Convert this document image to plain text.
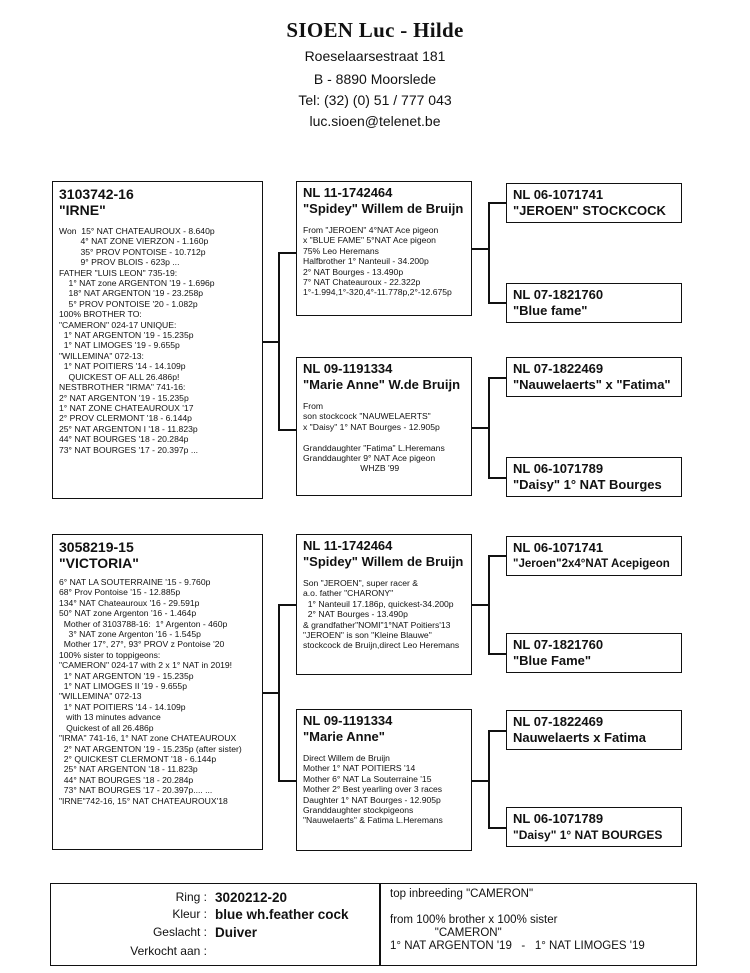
SIOEN Luc - Hilde
Roeselaarsestraat 181
B - 8890 Moorslede
Tel: (32) (0) 51 / 777 043
luc.sioen@telenet.be
3103742-16
"IRNE"
Won  15° NAT CHATEAUROUX - 8.640p
4° NAT ZONE VIERZON - 1.160p
35° PROV PONTOISE - 10.712p
9° PROV BLOIS - 623p ...
FATHER "LUIS LEON" 735-19:
1° NAT zone ARGENTON '19 - 1.696p
18° NAT ARGENTON '19 - 23.258p
5° PROV PONTOISE '20 - 1.082p
100% BROTHER TO:
"CAMERON" 024-17 UNIQUE:
1° NAT ARGENTON '19 - 15.235p
1° NAT LIMOGES '19 - 9.655p
"WILLEMINA" 072-13:
1° NAT POITIERS '14 - 14.109p
QUICKEST OF ALL 26.486p!
NESTBROTHER "IRMA" 741-16:
2° NAT ARGENTON '19 - 15.235p
1° NAT ZONE CHATEAUROUX '17
2° PROV CLERMONT '18 - 6.144p
25° NAT ARGENTON I '18 - 11.823p
44° NAT BOURGES '18 - 20.284p
73° NAT BOURGES '17 - 20.397p ...
NL 11-1742464
"Spidey" Willem de Bruijn
From "JEROEN" 4°NAT Ace pigeon
x "BLUE FAME" 5°NAT Ace pigeon
75% Leo Heremans
Halfbrother 1° Nanteuil - 34.200p
2° NAT Bourges - 13.490p
7° NAT Chateauroux - 22.322p
1°-1.994,1°-320,4°-11.778p,2°-12.675p
NL 09-1191334
"Marie Anne" W.de Bruijn
From
son stockcock "NAUWELAERTS"
x "Daisy" 1° NAT Bourges - 12.905p

Granddaughter "Fatima" L.Heremans
Granddaughter 9° NAT Ace pigeon
WHZB '99
NL 06-1071741
"JEROEN" STOCKCOCK
NL 07-1821760
"Blue fame"
NL 07-1822469
"Nauwelaerts" x "Fatima"
NL 06-1071789
"Daisy" 1° NAT Bourges
3058219-15
"VICTORIA"
6° NAT LA SOUTERRAINE '15 - 9.760p
68° Prov Pontoise '15 - 12.885p
134° NAT Chateauroux '16 - 29.591p
50° NAT zone Argenton '16 - 1.464p
Mother of 3103788-16:  1° Argenton - 460p
3° NAT zone Argenton '16 - 1.545p
Mother 17°, 27°, 93° PROV z Pontoise '20
100% sister to toppigeons:
"CAMERON" 024-17 with 2 x 1° NAT in 2019!
1° NAT ARGENTON '19 - 15.235p
1° NAT LIMOGES II '19 - 9.655p
"WILLEMINA" 072-13
1° NAT POITIERS '14 - 14.109p
with 13 minutes advance
Quickest of all 26.486p
"IRMA" 741-16, 1° NAT zone CHATEAUROUX
2° NAT ARGENTON '19 - 15.235p (after sister)
2° QUICKEST CLERMONT '18 - 6.144p
25° NAT ARGENTON '18 - 11.823p
44° NAT BOURGES '18 - 20.284p
73° NAT BOURGES '17 - 20.397p.... ...
"IRNE"742-16, 15° NAT CHATEAUROUX'18
NL 11-1742464
"Spidey" Willem de Bruijn
Son "JEROEN", super racer &
a.o. father "CHARONY"
1° Nanteuil 17.186p, quickest-34.200p
2° NAT Bourges - 13.490p
& grandfather"NOMI"1°NAT Poitiers'13
"JEROEN" is son "Kleine Blauwe"
stockcock de Bruijn,direct Leo Heremans
NL 09-1191334
"Marie Anne"
Direct Willem de Bruijn
Mother 1° NAT POITIERS '14
Mother 6° NAT La Souterraine '15
Mother 2° Best yearling over 3 races
Daughter 1° NAT Bourges - 12.905p
Granddaughter stockpigeons
"Nauwelaerts" & Fatima L.Heremans
NL 06-1071741
"Jeroen"2x4°NAT Acepigeon
NL 07-1821760
"Blue Fame"
NL 07-1822469
Nauwelaerts x Fatima
NL 06-1071789
"Daisy" 1° NAT BOURGES
Ring : 3020212-20
Kleur : blue wh.feather cock
Geslacht : Duiver
Verkocht aan :
top inbreeding "CAMERON"

from 100% brother x 100% sister
"CAMERON"
1° NAT ARGENTON '19   -   1° NAT LIMOGES '19
